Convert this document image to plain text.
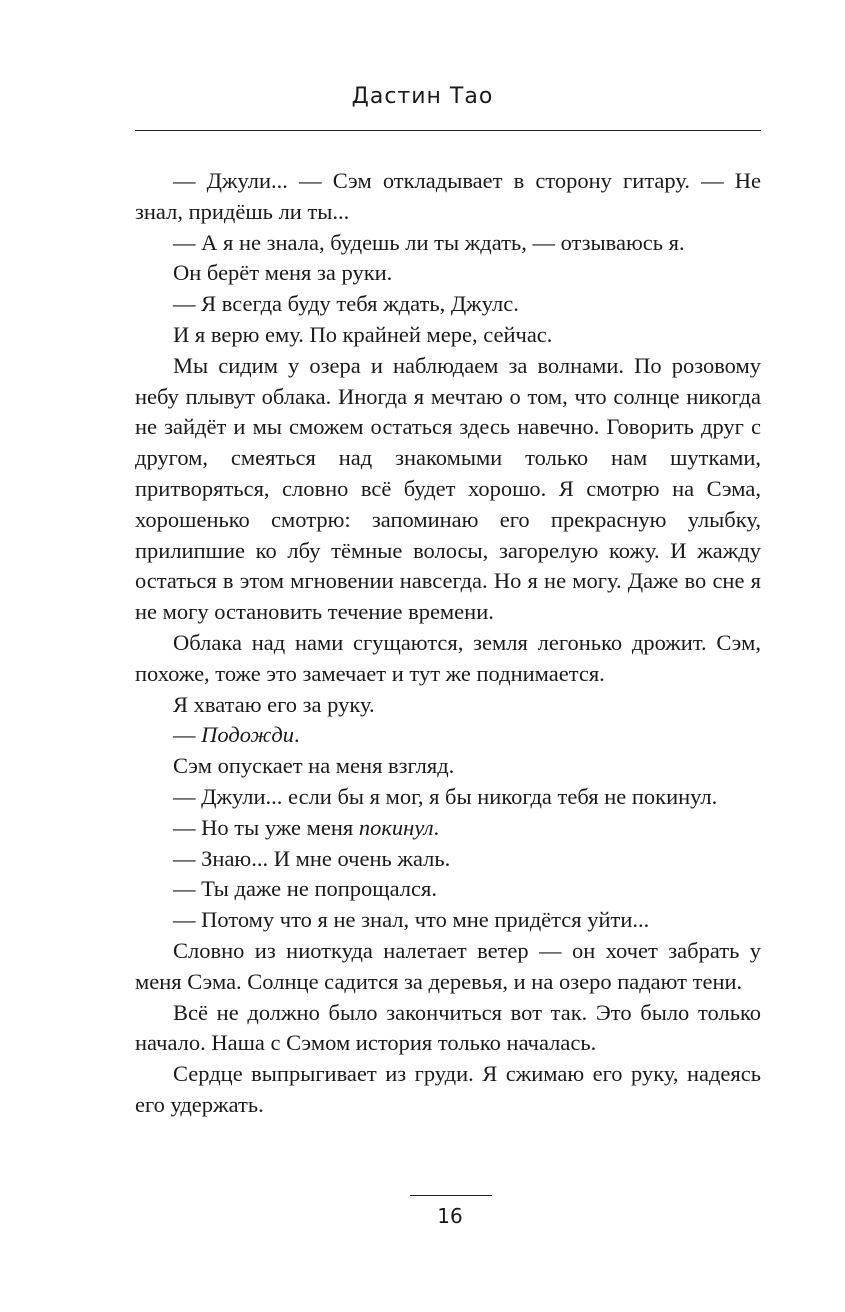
Дастин Тао

— Джули... — Сэм откладывает в сторону гитару. — Не знал, придёшь ли ты...

— А я не знала, будешь ли ты ждать, — отзываюсь я.

Он берёт меня за руки.

— Я всегда буду тебя ждать, Джулс.

И я верю ему. По крайней мере, сейчас.

Мы сидим у озера и наблюдаем за волнами. По розовому небу плывут облака. Иногда я мечтаю о том, что солнце никогда не зайдёт и мы сможем остаться здесь навечно. Говорить друг с другом, смеяться над знакомыми только нам шутками, притворяться, словно всё будет хорошо. Я смотрю на Сэма, хорошенько смотрю: запоминаю его прекрасную улыбку, прилипшие ко лбу тёмные волосы, загорелую кожу. И жажду остаться в этом мгновении навсегда. Но я не могу. Даже во сне я не могу остановить течение времени.

Облака над нами сгущаются, земля легонько дрожит. Сэм, похоже, тоже это замечает и тут же поднимается.

Я хватаю его за руку.

— Подожди.

Сэм опускает на меня взгляд.

— Джули... если бы я мог, я бы никогда тебя не покинул.

— Но ты уже меня покинул.

— Знаю... И мне очень жаль.

— Ты даже не попрощался.

— Потому что я не знал, что мне придётся уйти...

Словно из ниоткуда налетает ветер — он хочет забрать у меня Сэма. Солнце садится за деревья, и на озеро падают тени.

Всё не должно было закончиться вот так. Это было только начало. Наша с Сэмом история только началась.

Сердце выпрыгивает из груди. Я сжимаю его руку, надеясь его удержать.

16
